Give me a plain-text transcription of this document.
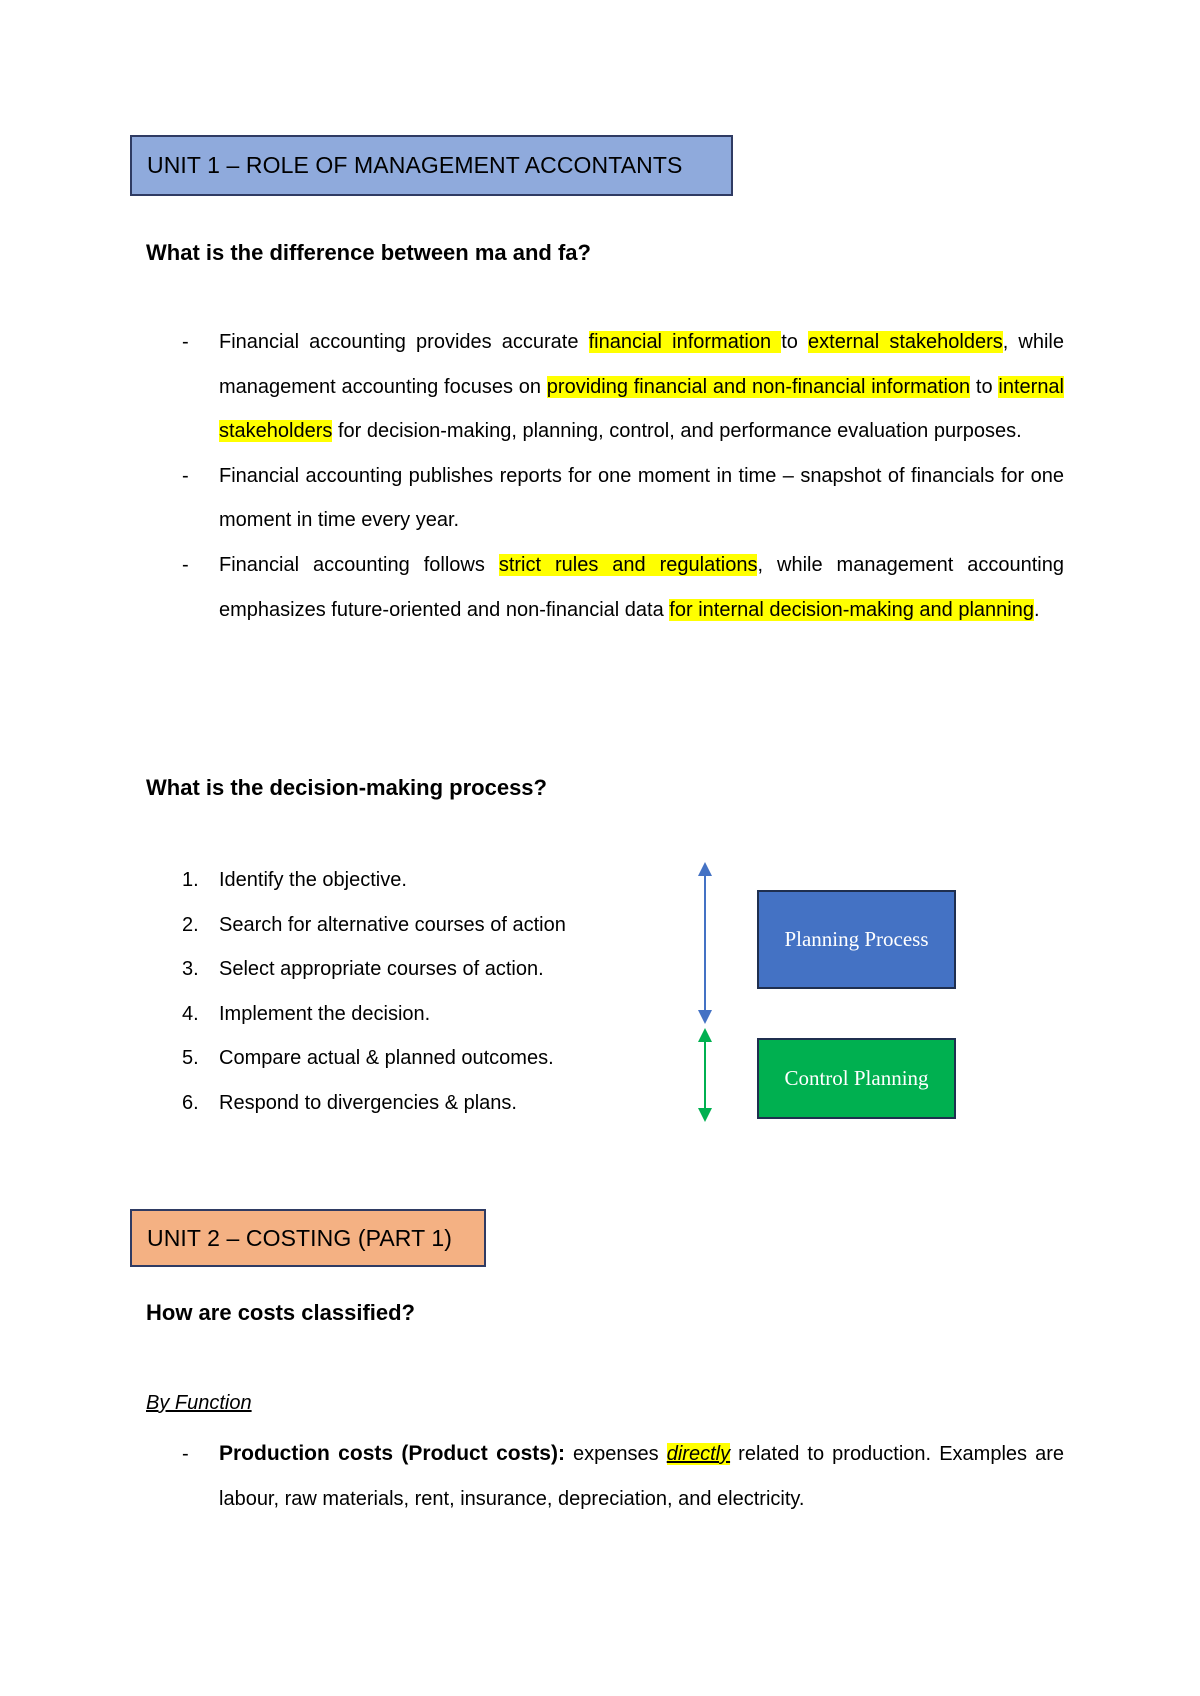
UNIT 1 – ROLE OF MANAGEMENT ACCONTANTS
What is the difference between ma and fa?
- Financial accounting provides accurate financial information to external stakeholders, while management accounting focuses on providing financial and non-financial information to internal stakeholders for decision-making, planning, control, and performance evaluation purposes.
- Financial accounting publishes reports for one moment in time – snapshot of financials for one moment in time every year.
- Financial accounting follows strict rules and regulations, while management accounting emphasizes future-oriented and non-financial data for internal decision-making and planning.
What is the decision-making process?
1. Identify the objective.
2. Search for alternative courses of action
3. Select appropriate courses of action.
4. Implement the decision.
5. Compare actual & planned outcomes.
6. Respond to divergencies & plans.
Planning Process
Control Planning
UNIT 2 – COSTING (PART 1)
How are costs classified?
By Function
- Production costs (Product costs): expenses directly related to production. Examples are labour, raw materials, rent, insurance, depreciation, and electricity.
